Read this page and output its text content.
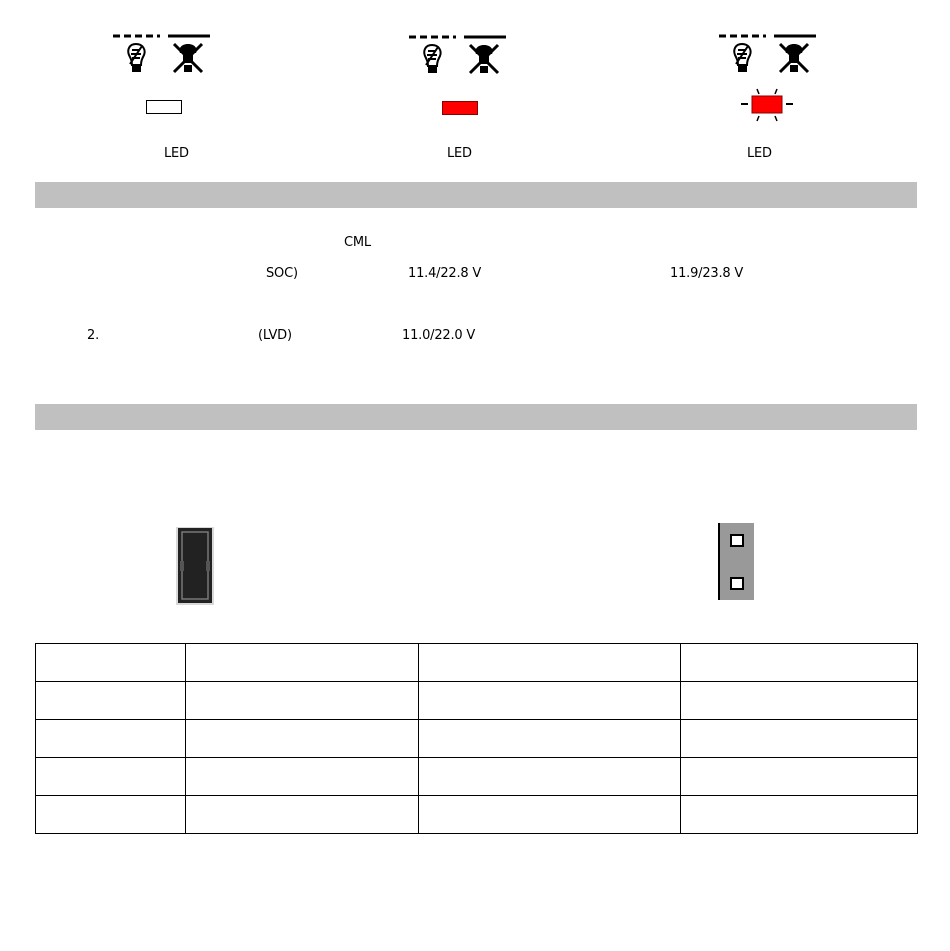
LED	LED	LED
CML
SOC)	11.4/22.8 V	11.9/23.8 V
2.	(LVD)	11.0/22.0 V
